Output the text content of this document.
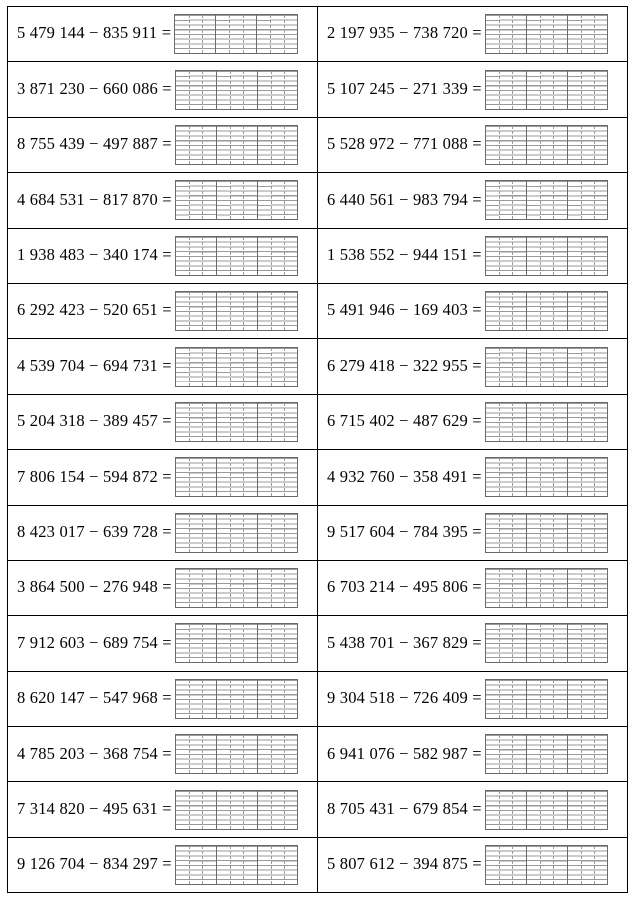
5 479 144 − 835 911 =	2 197 935 − 738 720 =

3 871 230 − 660 086 =	5 107 245 − 271 339 =

8 755 439 − 497 887 =	5 528 972 − 771 088 =

4 684 531 − 817 870 =	6 440 561 − 983 794 =

1 938 483 − 340 174 =	1 538 552 − 944 151 =

6 292 423 − 520 651 =	5 491 946 − 169 403 =

4 539 704 − 694 731 =	6 279 418 − 322 955 =

5 204 318 − 389 457 =	6 715 402 − 487 629 =

7 806 154 − 594 872 =	4 932 760 − 358 491 =

8 423 017 − 639 728 =	9 517 604 − 784 395 =

3 864 500 − 276 948 =	6 703 214 − 495 806 =

7 912 603 − 689 754 =	5 438 701 − 367 829 =

8 620 147 − 547 968 =	9 304 518 − 726 409 =

4 785 203 − 368 754 =	6 941 076 − 582 987 =

7 314 820 − 495 631 =	8 705 431 − 679 854 =

9 126 704 − 834 297 =	5 807 612 − 394 875 =
